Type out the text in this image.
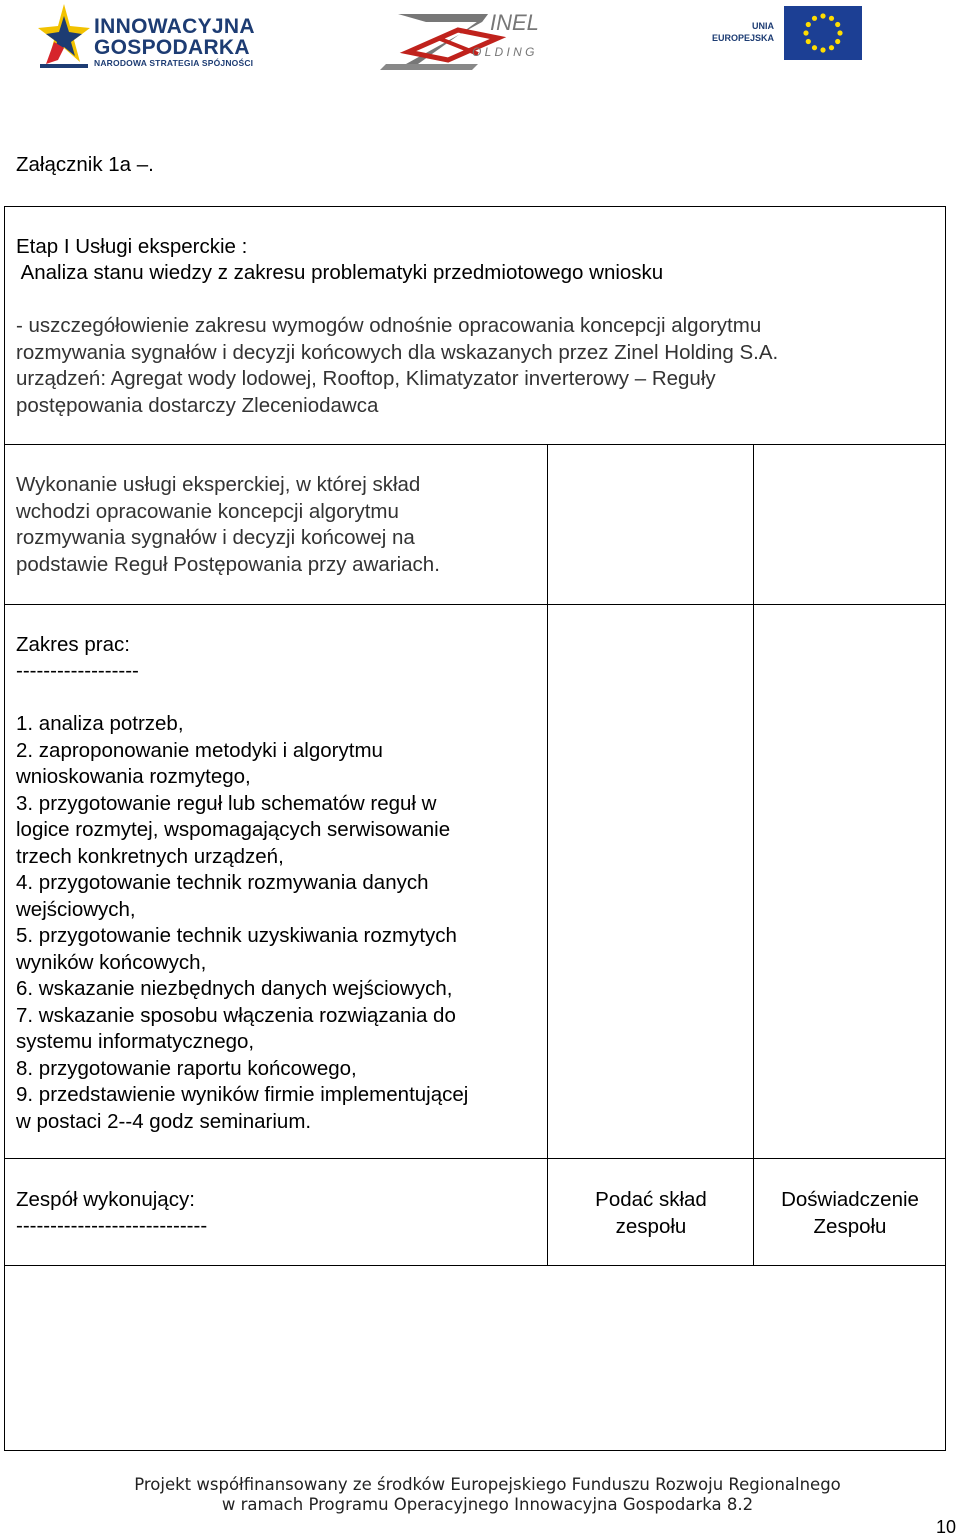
INNOWACYJNA
GOSPODARKA
NARODOWA STRATEGIA SPÓJNOŚCI
INEL
O L D I N G
UNIA
EUROPEJSKA
Załącznik 1a –.
Etap I Usługi eksperckie :
Analiza stanu wiedzy z zakresu problematyki przedmiotowego wniosku
- uszczegółowienie zakresu wymogów odnośnie opracowania koncepcji algorytmu
rozmywania sygnałów i decyzji końcowych dla wskazanych przez Zinel Holding S.A.
urządzeń: Agregat wody lodowej, Rooftop, Klimatyzator inverterowy – Reguły
postępowania dostarczy Zleceniodawca
Wykonanie usługi eksperckiej, w której skład
wchodzi opracowanie koncepcji algorytmu
rozmywania sygnałów i decyzji końcowej na
podstawie Reguł Postępowania przy awariach.
Zakres prac:
------------------
1. analiza potrzeb,
2. zaproponowanie metodyki i algorytmu
wnioskowania rozmytego,
3. przygotowanie reguł lub schematów reguł w
logice rozmytej, wspomagających serwisowanie
trzech konkretnych urządzeń,
4. przygotowanie technik rozmywania danych
wejściowych,
5. przygotowanie technik uzyskiwania rozmytych
wyników końcowych,
6. wskazanie niezbędnych danych wejściowych,
7. wskazanie sposobu włączenia rozwiązania do
systemu informatycznego,
8. przygotowanie raportu końcowego,
9. przedstawienie wyników firmie implementującej
w postaci 2--4 godz seminarium.
Zespół wykonujący:
----------------------------
Podać skład
zespołu
Doświadczenie
Zespołu
Projekt współfinansowany ze środków Europejskiego Funduszu Rozwoju Regionalnego
w ramach Programu Operacyjnego Innowacyjna Gospodarka 8.2
10
